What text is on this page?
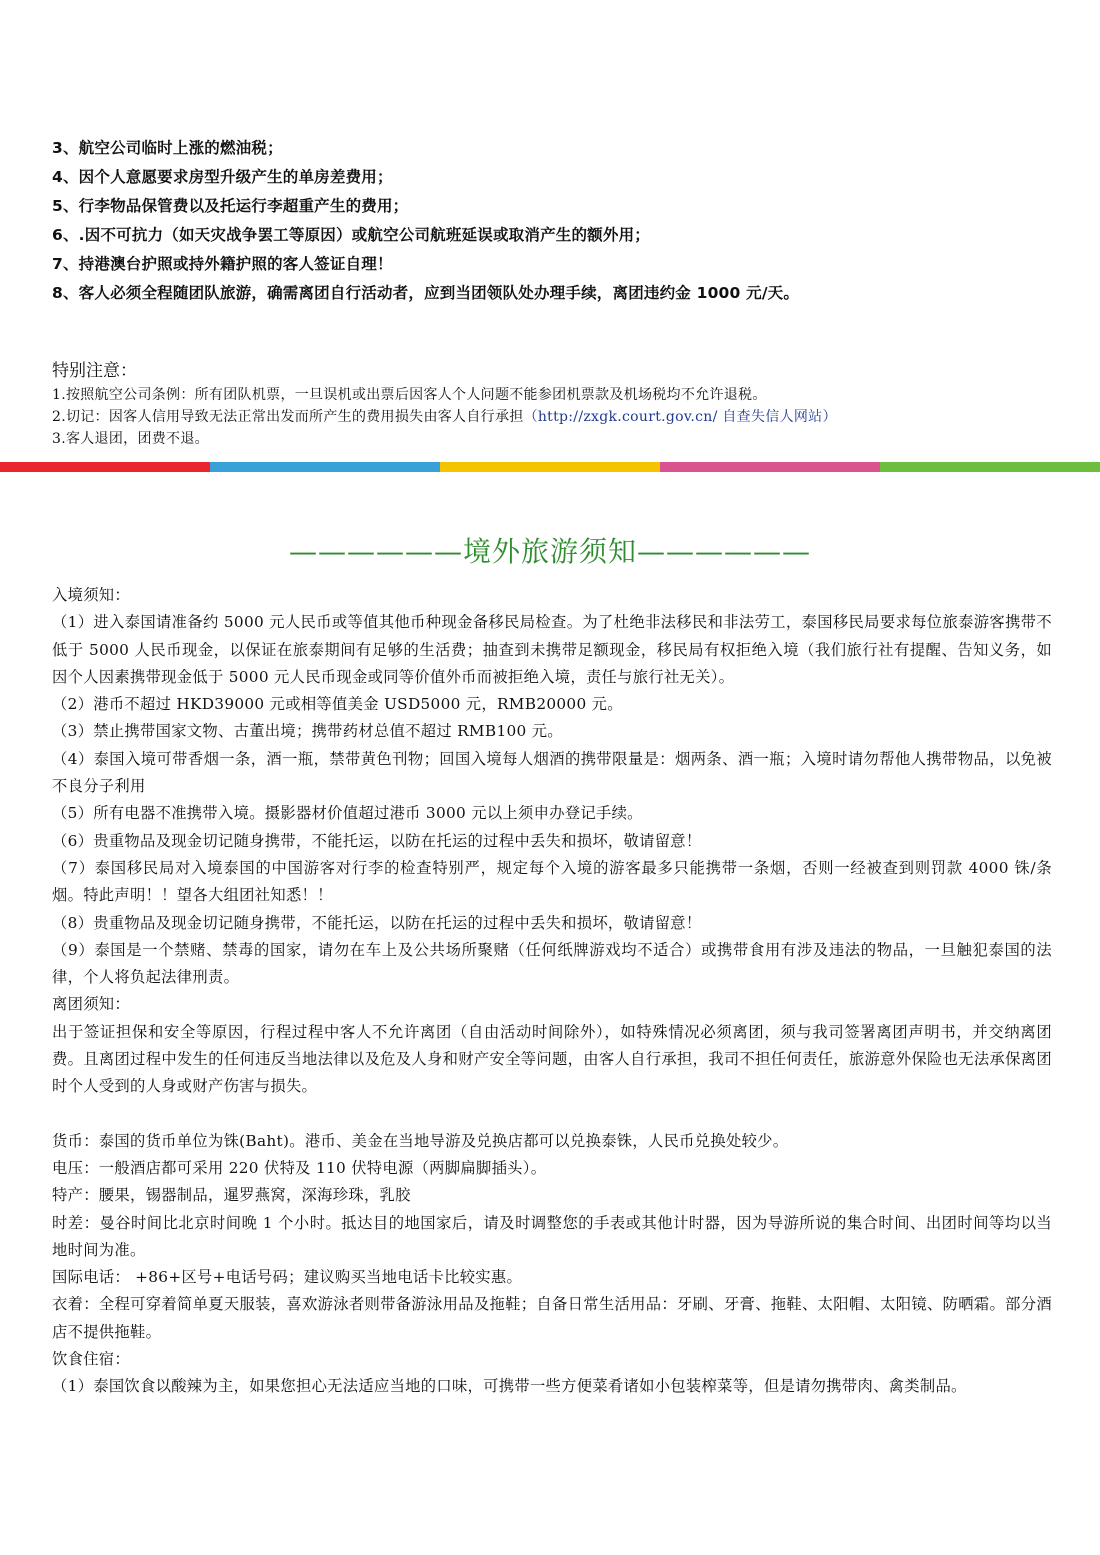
3、航空公司临时上涨的燃油税；
4、因个人意愿要求房型升级产生的单房差费用；
5、行李物品保管费以及托运行李超重产生的费用；
6、.因不可抗力（如天灾战争罢工等原因）或航空公司航班延误或取消产生的额外用；
7、持港澳台护照或持外籍护照的客人签证自理！
8、客人必须全程随团队旅游，确需离团自行活动者，应到当团领队处办理手续，离团违约金 1000 元/天。

特别注意：

1.按照航空公司条例：所有团队机票，一旦误机或出票后因客人个人问题不能参团机票款及机场税均不允许退税。
2.切记：因客人信用导致无法正常出发而所产生的费用损失由客人自行承担（http://zxgk.court.gov.cn/ 自查失信人网站）
3.客人退团，团费不退。
——————境外旅游须知——————

入境须知：

（1）进入泰国请准备约 5000 元人民币或等值其他币种现金备移民局检查。为了杜绝非法移民和非法劳工，泰国移民局要求每位旅泰游客携带不低于 5000 人民币现金，以保证在旅泰期间有足够的生活费；抽查到未携带足额现金，移民局有权拒绝入境（我们旅行社有提醒、告知义务，如因个人因素携带现金低于 5000 元人民币现金或同等价值外币而被拒绝入境，责任与旅行社无关）。

（2）港币不超过 HKD39000 元或相等值美金 USD5000 元，RMB20000 元。

（3）禁止携带国家文物、古董出境；携带药材总值不超过 RMB100 元。

（4）泰国入境可带香烟一条，酒一瓶，禁带黄色刊物；回国入境每人烟酒的携带限量是：烟两条、酒一瓶；入境时请勿帮他人携带物品，以免被不良分子利用

（5）所有电器不准携带入境。摄影器材价值超过港币 3000 元以上须申办登记手续。

（6）贵重物品及现金切记随身携带，不能托运，以防在托运的过程中丢失和损坏，敬请留意！

（7）泰国移民局对入境泰国的中国游客对行李的检查特别严，规定每个入境的游客最多只能携带一条烟，否则一经被查到则罚款 4000 铢/条烟。特此声明！！望各大组团社知悉！！

（8）贵重物品及现金切记随身携带，不能托运，以防在托运的过程中丢失和损坏，敬请留意！

（9）泰国是一个禁赌、禁毒的国家，请勿在车上及公共场所聚赌（任何纸牌游戏均不适合）或携带食用有涉及违法的物品，一旦触犯泰国的法律，个人将负起法律刑责。

离团须知：

出于签证担保和安全等原因，行程过程中客人不允许离团（自由活动时间除外），如特殊情况必须离团，须与我司签署离团声明书，并交纳离团费。且离团过程中发生的任何违反当地法律以及危及人身和财产安全等问题，由客人自行承担，我司不担任何责任，旅游意外保险也无法承保离团时个人受到的人身或财产伤害与损失。

货币：泰国的货币单位为铢(Baht)。港币、美金在当地导游及兑换店都可以兑换泰铢，人民币兑换处较少。

电压：一般酒店都可采用 220 伏特及 110 伏特电源（两脚扁脚插头）。

特产：腰果，锡器制品，暹罗燕窝，深海珍珠，乳胶

时差：曼谷时间比北京时间晚 1 个小时。抵达目的地国家后，请及时调整您的手表或其他计时器，因为导游所说的集合时间、出团时间等均以当地时间为准。

国际电话： +86+区号+电话号码；建议购买当地电话卡比较实惠。

衣着：全程可穿着简单夏天服装，喜欢游泳者则带备游泳用品及拖鞋；自备日常生活用品：牙刷、牙膏、拖鞋、太阳帽、太阳镜、防晒霜。部分酒店不提供拖鞋。

饮食住宿：

（1）泰国饮食以酸辣为主，如果您担心无法适应当地的口味，可携带一些方便菜肴诸如小包装榨菜等，但是请勿携带肉、禽类制品。
